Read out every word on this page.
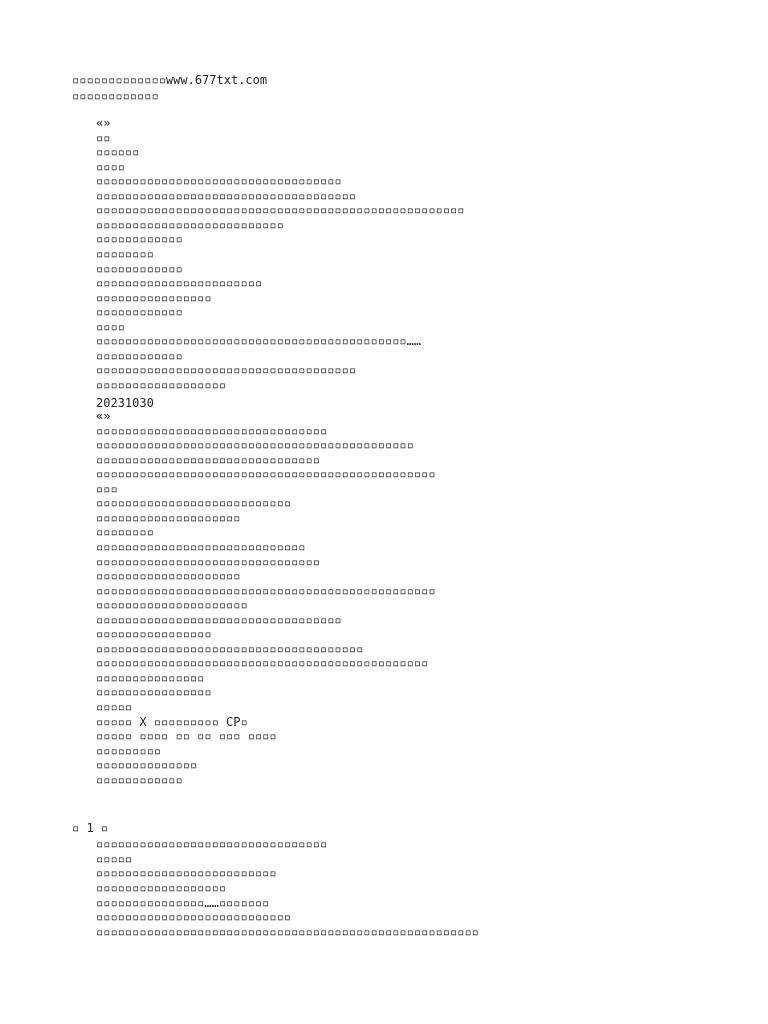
▫▫▫▫▫▫▫▫▫▫▫▫▫www.677txt.com
▫▫▫▫▫▫▫▫▫▫▫▫
«»
▫▫
▫▫▫▫▫▫
▫▫▫▫
▫▫▫▫▫▫▫▫▫▫▫▫▫▫▫▫▫▫▫▫▫▫▫▫▫▫▫▫▫▫▫▫▫▫
▫▫▫▫▫▫▫▫▫▫▫▫▫▫▫▫▫▫▫▫▫▫▫▫▫▫▫▫▫▫▫▫▫▫▫▫
▫▫▫▫▫▫▫▫▫▫▫▫▫▫▫▫▫▫▫▫▫▫▫▫▫▫▫▫▫▫▫▫▫▫▫▫▫▫▫▫▫▫▫▫▫▫▫▫▫▫▫
▫▫▫▫▫▫▫▫▫▫▫▫▫▫▫▫▫▫▫▫▫▫▫▫▫▫
▫▫▫▫▫▫▫▫▫▫▫▫
▫▫▫▫▫▫▫▫
▫▫▫▫▫▫▫▫▫▫▫▫
▫▫▫▫▫▫▫▫▫▫▫▫▫▫▫▫▫▫▫▫▫▫▫
▫▫▫▫▫▫▫▫▫▫▫▫▫▫▫▫
▫▫▫▫▫▫▫▫▫▫▫▫
▫▫▫▫
▫▫▫▫▫▫▫▫▫▫▫▫▫▫▫▫▫▫▫▫▫▫▫▫▫▫▫▫▫▫▫▫▫▫▫▫▫▫▫▫▫▫▫……
▫▫▫▫▫▫▫▫▫▫▫▫
▫▫▫▫▫▫▫▫▫▫▫▫▫▫▫▫▫▫▫▫▫▫▫▫▫▫▫▫▫▫▫▫▫▫▫▫
▫▫▫▫▫▫▫▫▫▫▫▫▫▫▫▫▫▫
20231030
«»
▫▫▫▫▫▫▫▫▫▫▫▫▫▫▫▫▫▫▫▫▫▫▫▫▫▫▫▫▫▫▫▫
▫▫▫▫▫▫▫▫▫▫▫▫▫▫▫▫▫▫▫▫▫▫▫▫▫▫▫▫▫▫▫▫▫▫▫▫▫▫▫▫▫▫▫▫
▫▫▫▫▫▫▫▫▫▫▫▫▫▫▫▫▫▫▫▫▫▫▫▫▫▫▫▫▫▫▫
▫▫▫▫▫▫▫▫▫▫▫▫▫▫▫▫▫▫▫▫▫▫▫▫▫▫▫▫▫▫▫▫▫▫▫▫▫▫▫▫▫▫▫▫▫▫▫
▫▫▫
▫▫▫▫▫▫▫▫▫▫▫▫▫▫▫▫▫▫▫▫▫▫▫▫▫▫▫
▫▫▫▫▫▫▫▫▫▫▫▫▫▫▫▫▫▫▫▫
▫▫▫▫▫▫▫▫
▫▫▫▫▫▫▫▫▫▫▫▫▫▫▫▫▫▫▫▫▫▫▫▫▫▫▫▫▫
▫▫▫▫▫▫▫▫▫▫▫▫▫▫▫▫▫▫▫▫▫▫▫▫▫▫▫▫▫▫▫
▫▫▫▫▫▫▫▫▫▫▫▫▫▫▫▫▫▫▫▫
▫▫▫▫▫▫▫▫▫▫▫▫▫▫▫▫▫▫▫▫▫▫▫▫▫▫▫▫▫▫▫▫▫▫▫▫▫▫▫▫▫▫▫▫▫▫▫
▫▫▫▫▫▫▫▫▫▫▫▫▫▫▫▫▫▫▫▫▫
▫▫▫▫▫▫▫▫▫▫▫▫▫▫▫▫▫▫▫▫▫▫▫▫▫▫▫▫▫▫▫▫▫▫
▫▫▫▫▫▫▫▫▫▫▫▫▫▫▫▫
▫▫▫▫▫▫▫▫▫▫▫▫▫▫▫▫▫▫▫▫▫▫▫▫▫▫▫▫▫▫▫▫▫▫▫▫▫
▫▫▫▫▫▫▫▫▫▫▫▫▫▫▫▫▫▫▫▫▫▫▫▫▫▫▫▫▫▫▫▫▫▫▫▫▫▫▫▫▫▫▫▫▫▫
▫▫▫▫▫▫▫▫▫▫▫▫▫▫▫
▫▫▫▫▫▫▫▫▫▫▫▫▫▫▫▫
▫▫▫▫▫
▫▫▫▫▫ X ▫▫▫▫▫▫▫▫▫ CP▫
▫▫▫▫▫ ▫▫▫▫ ▫▫ ▫▫ ▫▫▫ ▫▫▫▫
▫▫▫▫▫▫▫▫▫
▫▫▫▫▫▫▫▫▫▫▫▫▫▫
▫▫▫▫▫▫▫▫▫▫▫▫
▫ 1 ▫
▫▫▫▫▫▫▫▫▫▫▫▫▫▫▫▫▫▫▫▫▫▫▫▫▫▫▫▫▫▫▫▫
▫▫▫▫▫
▫▫▫▫▫▫▫▫▫▫▫▫▫▫▫▫▫▫▫▫▫▫▫▫▫
▫▫▫▫▫▫▫▫▫▫▫▫▫▫▫▫▫▫
▫▫▫▫▫▫▫▫▫▫▫▫▫▫▫……▫▫▫▫▫▫▫
▫▫▫▫▫▫▫▫▫▫▫▫▫▫▫▫▫▫▫▫▫▫▫▫▫▫▫
▫▫▫▫▫▫▫▫▫▫▫▫▫▫▫▫▫▫▫▫▫▫▫▫▫▫▫▫▫▫▫▫▫▫▫▫▫▫▫▫▫▫▫▫▫▫▫▫▫▫▫▫▫
